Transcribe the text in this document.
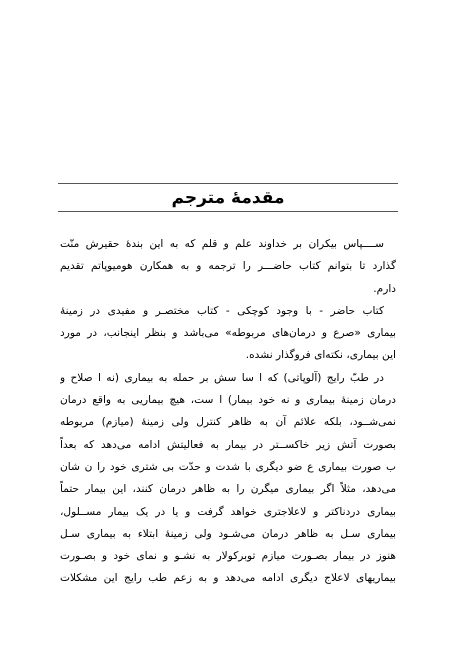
مقدمهٔ مترجم
ســــپاس بیکران بر خداوند علم و قلم که به این بندهٔ حقیرش منّت
گذارد تا بتوانم کتاب حاضـــر را ترجمه و به همکارن هومیوپاتم تقدیم
دارم.
کتاب حاضر - با وجود کوچکی - کتاب مختصـر و مفیدی در زمینهٔ
بیماری «صرع و درمان‌های مربوطه» می‌باشد و بنظر اینجانب، در مورد
این بیماری، نکته‌ای فروگذار نشده.
در طبّ رایج (آلوپاتی) که ا سا سش بر حمله به بیماری (نه ا صلاح و
درمان زمینهٔ بیماری و نه خود بیمار) ا ست، هیچ بیماریی به واقع درمان
نمی‌شــود، بلکه علائم آن به ظاهر کنترل ولی زمینهٔ (میازم) مربوطه
بصورت آتش زیر خاکســتر در بیمار به فعالیتش ادامه می‌دهد که بعداً
ب صورت بیماری ع ضو دیگری با شدت و حدّت بی شتری خود را ن شان
می‌دهد، مثلاً اگر بیماری میگرن را به ظاهر درمان کنند، این بیمار حتماً
بیماری دردناکتر و لاعلاجتری خواهد گرفت و یا در یک بیمار مســلول،
بیماری سـل به ظاهر درمان می‌شـود ولی زمینهٔ ابتلاء به بیماری سـل
هنوز در بیمار بصـورت میازم توبرکولار به نشـو و نمای خود و بصـورت
بیماریهای لاعلاج دیگری ادامه می‌دهد و به زعم طب رایج این مشکلات
